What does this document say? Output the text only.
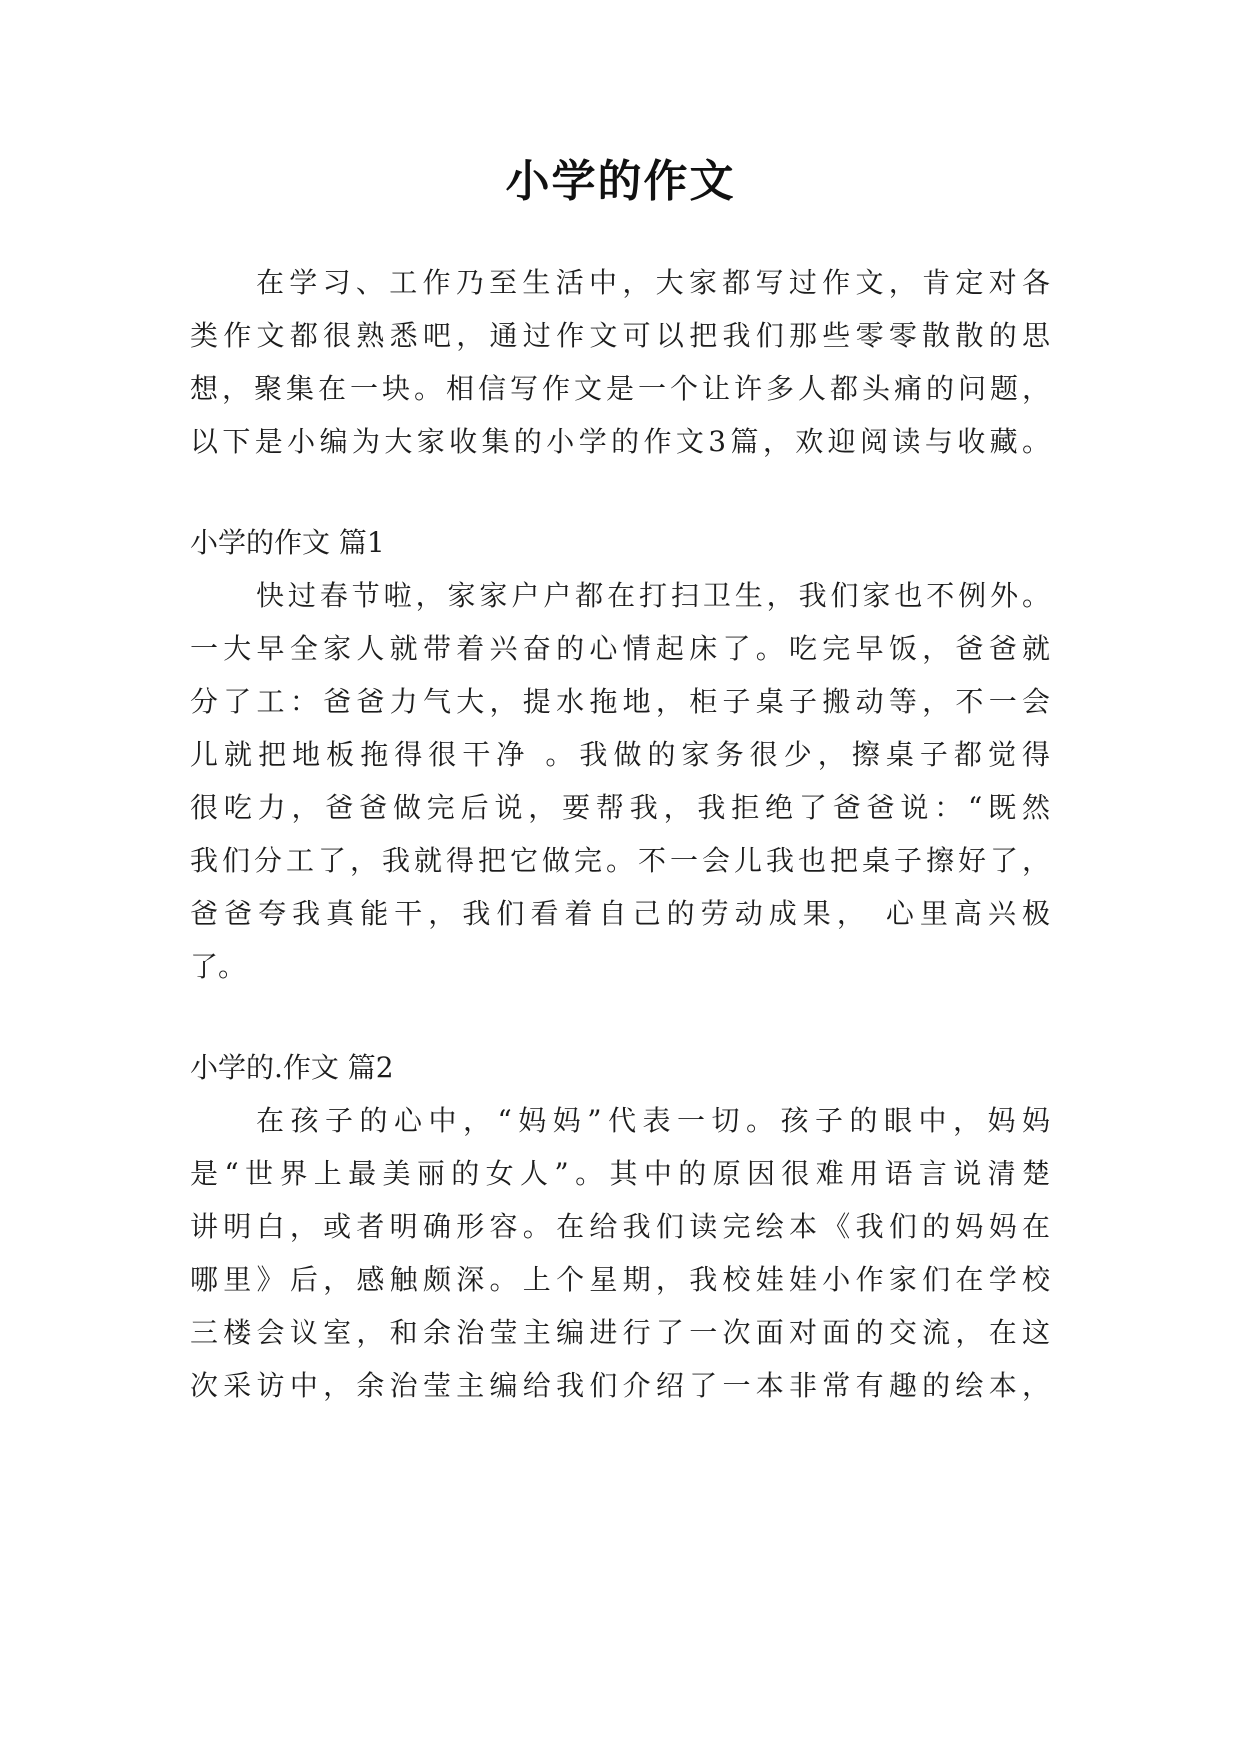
小学的作文
在学习、工作乃至生活中，大家都写过作文，肯定对各
类作文都很熟悉吧，通过作文可以把我们那些零零散散的思
想，聚集在一块。相信写作文是一个让许多人都头痛的问题，
以下是小编为大家收集的小学的作文3篇，欢迎阅读与收藏。
小学的作文 篇1
快过春节啦，家家户户都在打扫卫生，我们家也不例外。
一大早全家人就带着兴奋的心情起床了。吃完早饭，爸爸就
分了工：爸爸力气大，提水拖地，柜子桌子搬动等，不一会
儿就把地板拖得很干净 。我做的家务很少，擦桌子都觉得
很吃力，爸爸做完后说，要帮我，我拒绝了爸爸说：“既然
我们分工了，我就得把它做完。不一会儿我也把桌子擦好了，
爸爸夸我真能干，我们看着自己的劳动成果， 心里高兴极
了。
小学的.作文 篇2
在孩子的心中，“妈妈”代表一切。孩子的眼中，妈妈
是“世界上最美丽的女人”。其中的原因很难用语言说清楚
讲明白，或者明确形容。在给我们读完绘本《我们的妈妈在
哪里》后，感触颇深。上个星期，我校娃娃小作家们在学校
三楼会议室，和余治莹主编进行了一次面对面的交流，在这
次采访中，余治莹主编给我们介绍了一本非常有趣的绘本，
